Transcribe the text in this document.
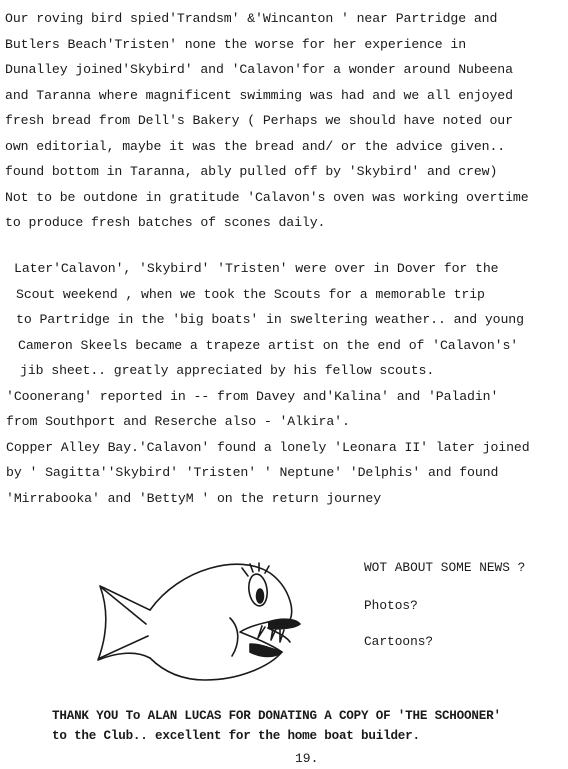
Our roving bird spied'Trandsm' &'Wincanton ' near Partridge and
Butlers Beach'Tristen' none the worse for her experience in
Dunalley joined'Skybird' and 'Calavon'for a wonder around Nubeena
and Taranna where magnificent swimming was had and we all enjoyed
fresh bread from Dell's Bakery ( Perhaps we should have noted our
own editorial, maybe it was the bread and/ or the advice given..
found bottom in Taranna, ably pulled off by 'Skybird' and crew)
Not to be outdone in gratitude 'Calavon's oven was working overtime
to produce fresh batches of scones daily.
Later'Calavon', 'Skybird' 'Tristen' were over in Dover for the
Scout weekend , when we took the Scouts for a memorable trip
to Partridge in the 'big boats' in sweltering weather.. and young
Cameron Skeels became a trapeze artist on the end of 'Calavon's'
jib sheet.. greatly appreciated by his fellow scouts.
'Coonerang' reported in -- from Davey and'Kalina' and 'Paladin'
from Southport and Reserche also - 'Alkira'.
Copper Alley Bay.'Calavon' found a lonely 'Leonara II' later joined
by ' Sagitta''Skybird' 'Tristen' ' Neptune' 'Delphis' and found
'Mirrabooka' and 'BettyM ' on the return journey
WOT ABOUT SOME NEWS ?
Photos?
Cartoons?
THANK YOU To ALAN LUCAS FOR DONATING A COPY OF 'THE SCHOONER'
to the Club.. excellent for the home boat builder.
19.
